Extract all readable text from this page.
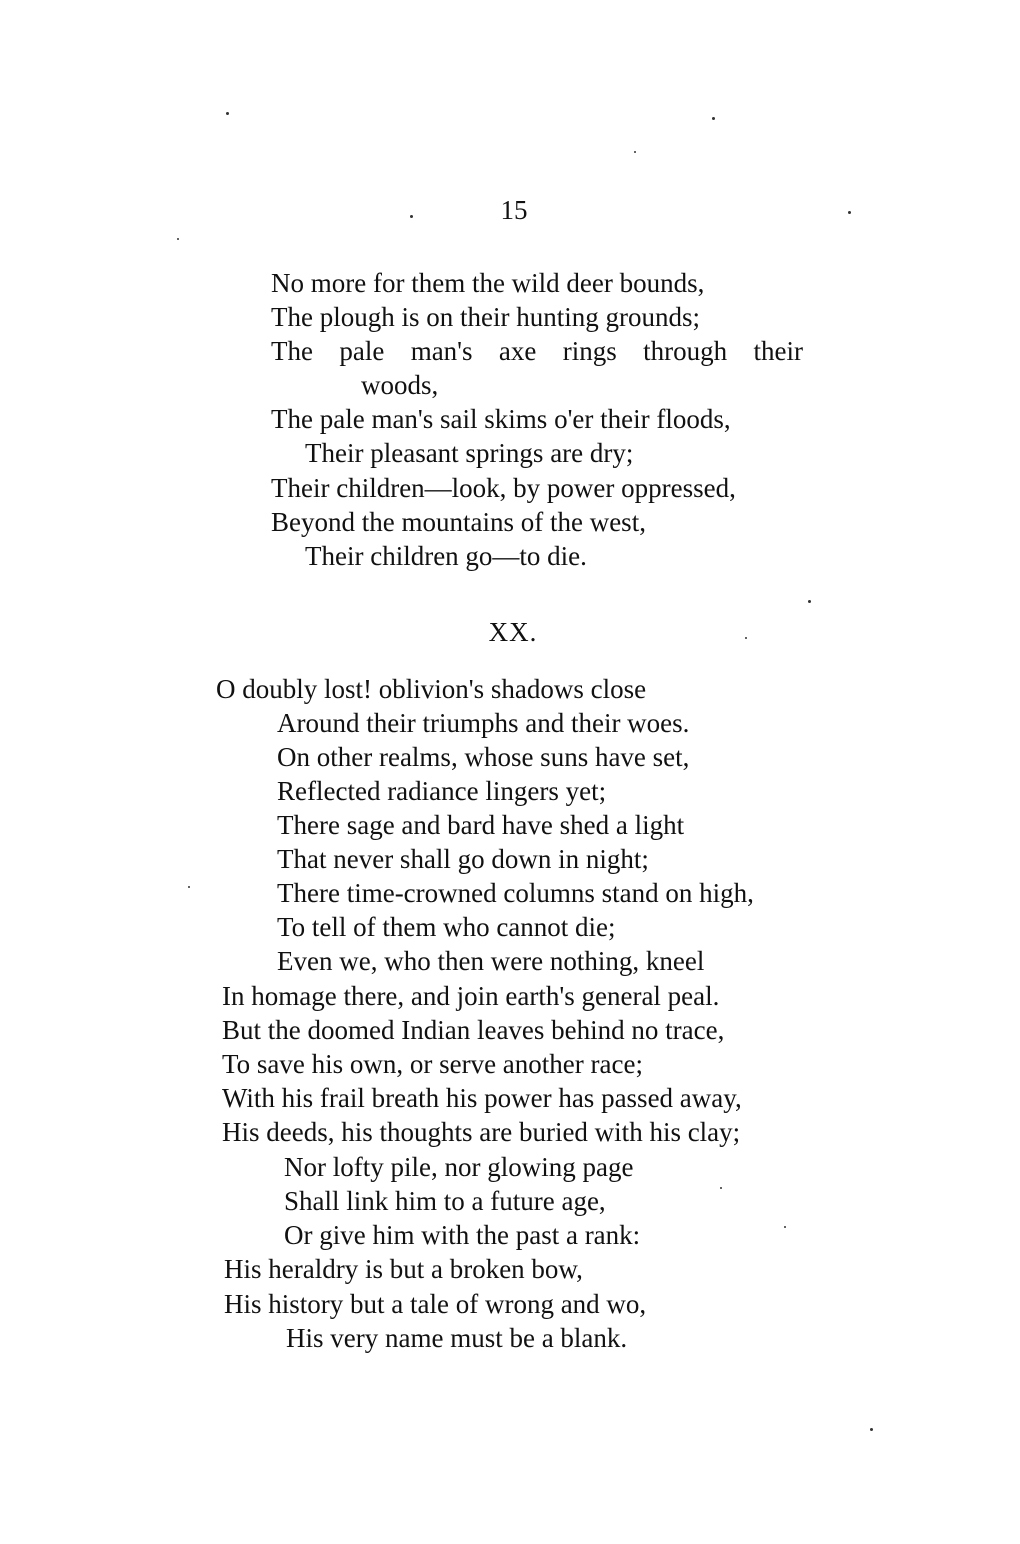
15
No more for them the wild deer bounds,
The plough is on their hunting grounds;
The pale man's axe rings through their
woods,
The pale man's sail skims o'er their floods,
Their pleasant springs are dry;
Their children—look, by power oppressed,
Beyond the mountains of the west,
Their children go—to die.
XX.
O doubly lost! oblivion's shadows close
Around their triumphs and their woes.
On other realms, whose suns have set,
Reflected radiance lingers yet;
There sage and bard have shed a light
That never shall go down in night;
There time-crowned columns stand on high,
To tell of them who cannot die;
Even we, who then were nothing, kneel
In homage there, and join earth's general peal.
But the doomed Indian leaves behind no trace,
To save his own, or serve another race;
With his frail breath his power has passed away,
His deeds, his thoughts are buried with his clay;
Nor lofty pile, nor glowing page
Shall link him to a future age,
Or give him with the past a rank:
His heraldry is but a broken bow,
His history but a tale of wrong and wo,
His very name must be a blank.
